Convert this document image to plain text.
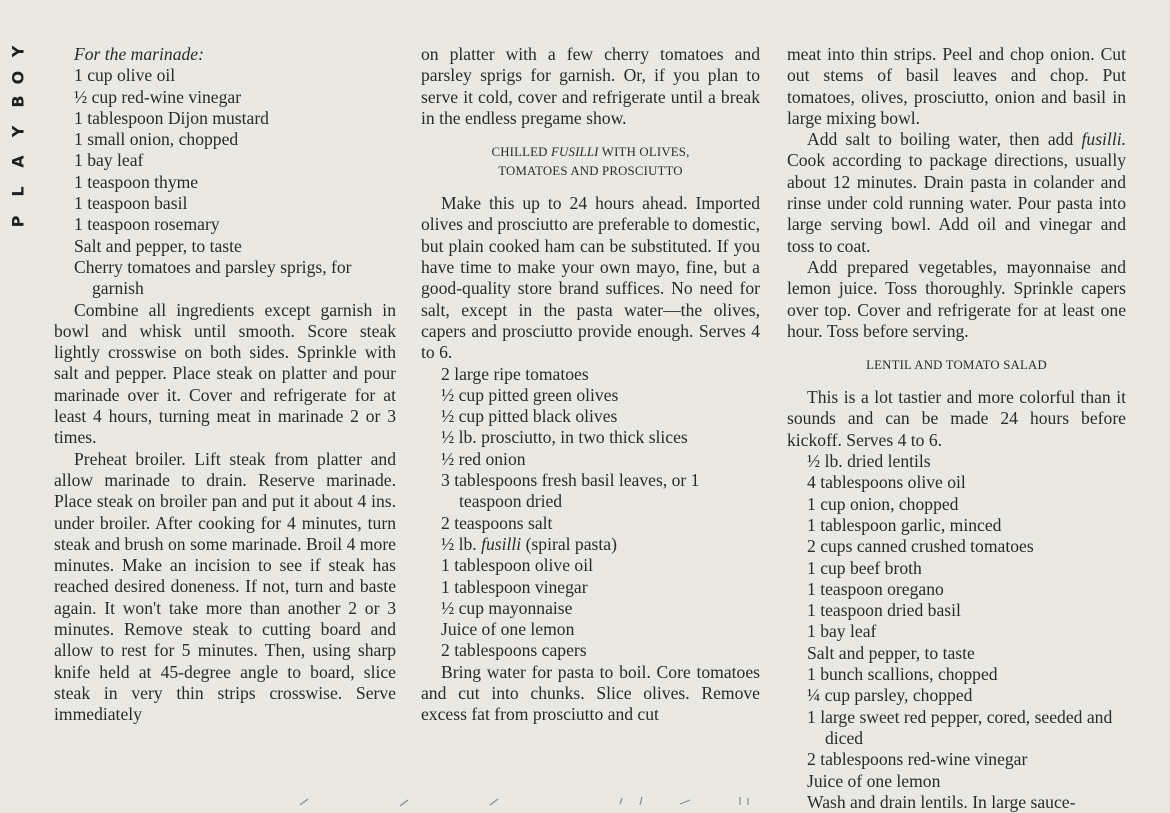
P
L
A
Y
B
O
Y	For the marinade:

1 cup olive oil

½ cup red-wine vinegar

1 tablespoon Dijon mustard

1 small onion, chopped

1 bay leaf

1 teaspoon thyme

1 teaspoon basil

1 teaspoon rosemary

Salt and pepper, to taste

Cherry tomatoes and parsley sprigs, for garnish

Combine all ingredients except garnish in bowl and whisk until smooth. Score steak lightly crosswise on both sides. Sprinkle with salt and pepper. Place steak on platter and pour marinade over it. Cover and refrigerate for at least 4 hours, turning meat in marinade 2 or 3 times.

Preheat broiler. Lift steak from platter and allow marinade to drain. Reserve marinade. Place steak on broiler pan and put it about 4 ins. under broiler. After cooking for 4 minutes, turn steak and brush on some marinade. Broil 4 more minutes. Make an incision to see if steak has reached desired doneness. If not, turn and baste again. It won't take more than another 2 or 3 minutes. Remove steak to cutting board and allow to rest for 5 minutes. Then, using sharp knife held at 45-degree angle to board, slice steak in very thin strips crosswise. Serve immediately

on platter with a few cherry tomatoes and parsley sprigs for garnish. Or, if you plan to serve it cold, cover and refrigerate until a break in the endless pregame show.

CHILLED FUSILLI WITH OLIVES,
TOMATOES AND PROSCIUTTO

Make this up to 24 hours ahead. Imported olives and prosciutto are preferable to domestic, but plain cooked ham can be substituted. If you have time to make your own mayo, fine, but a good-quality store brand suffices. No need for salt, except in the pasta water—the olives, capers and prosciutto provide enough. Serves 4 to 6.

2 large ripe tomatoes

½ cup pitted green olives

½ cup pitted black olives

½ lb. prosciutto, in two thick slices

½ red onion

3 tablespoons fresh basil leaves, or 1 teaspoon dried

2 teaspoons salt

½ lb. fusilli (spiral pasta)

1 tablespoon olive oil

1 tablespoon vinegar

½ cup mayonnaise

Juice of one lemon

2 tablespoons capers

Bring water for pasta to boil. Core tomatoes and cut into chunks. Slice olives. Remove excess fat from prosciutto and cut

meat into thin strips. Peel and chop onion. Cut out stems of basil leaves and chop. Put tomatoes, olives, prosciutto, onion and basil in large mixing bowl.

Add salt to boiling water, then add fusilli. Cook according to package directions, usually about 12 minutes. Drain pasta in colander and rinse under cold running water. Pour pasta into large serving bowl. Add oil and vinegar and toss to coat.

Add prepared vegetables, mayonnaise and lemon juice. Toss thoroughly. Sprinkle capers over top. Cover and refrigerate for at least one hour. Toss before serving.

LENTIL AND TOMATO SALAD

This is a lot tastier and more colorful than it sounds and can be made 24 hours before kickoff. Serves 4 to 6.

½ lb. dried lentils

4 tablespoons olive oil

1 cup onion, chopped

1 tablespoon garlic, minced

2 cups canned crushed tomatoes

1 cup beef broth

1 teaspoon oregano

1 teaspoon dried basil

1 bay leaf

Salt and pepper, to taste

1 bunch scallions, chopped

¼ cup parsley, chopped

1 large sweet red pepper, cored, seeded and diced

2 tablespoons red-wine vinegar

Juice of one lemon

Wash and drain lentils. In large sauce-
